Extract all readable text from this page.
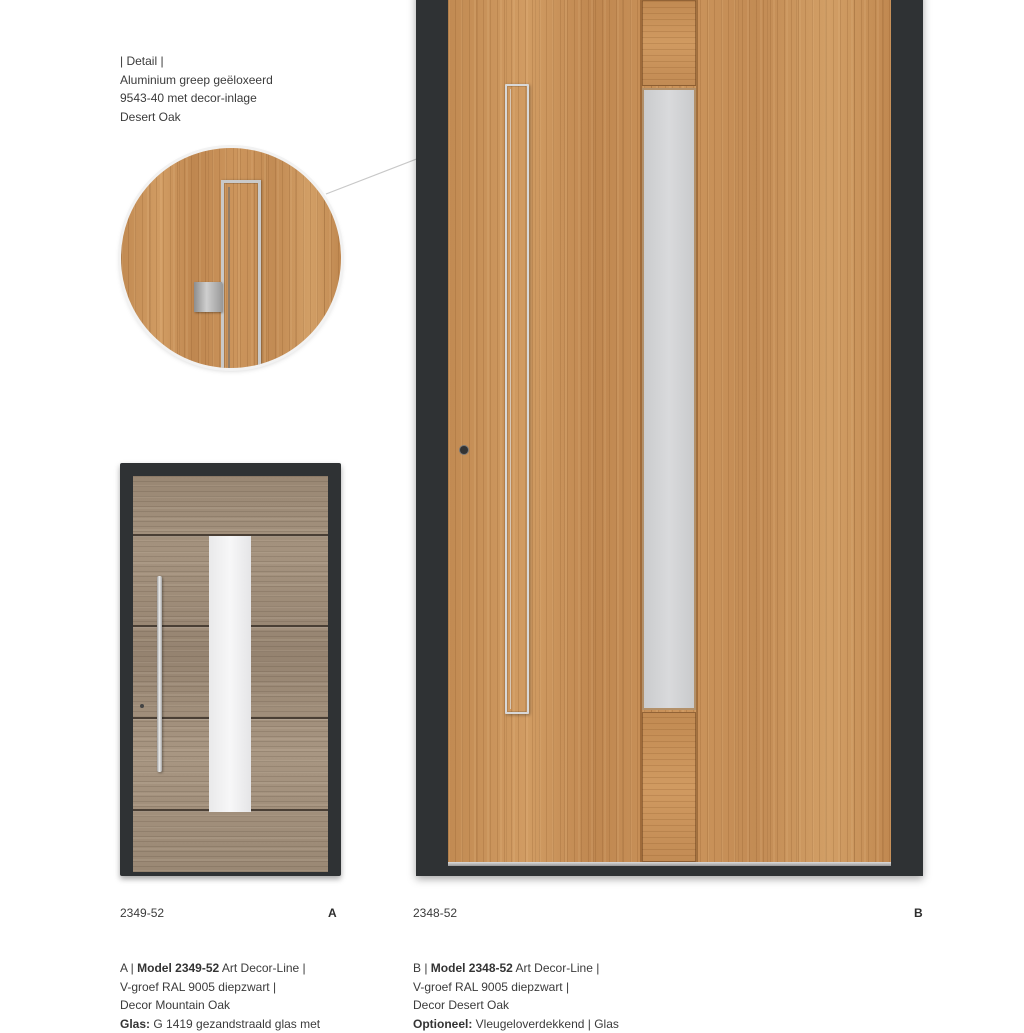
| Detail |
Aluminium greep geëloxeerd
9543-40 met decor-inlage
Desert Oak
2349-52	A	2348-52	B
A | Model 2349-52 Art Decor-Line |
V-groef RAL 9005 diepzwart |
Decor Mountain Oak
Glas: G 1419 gezandstraald glas met
B | Model 2348-52 Art Decor-Line |
V-groef RAL 9005 diepzwart |
Decor Desert Oak
Optioneel: Vleugeloverdekkend | Glas
